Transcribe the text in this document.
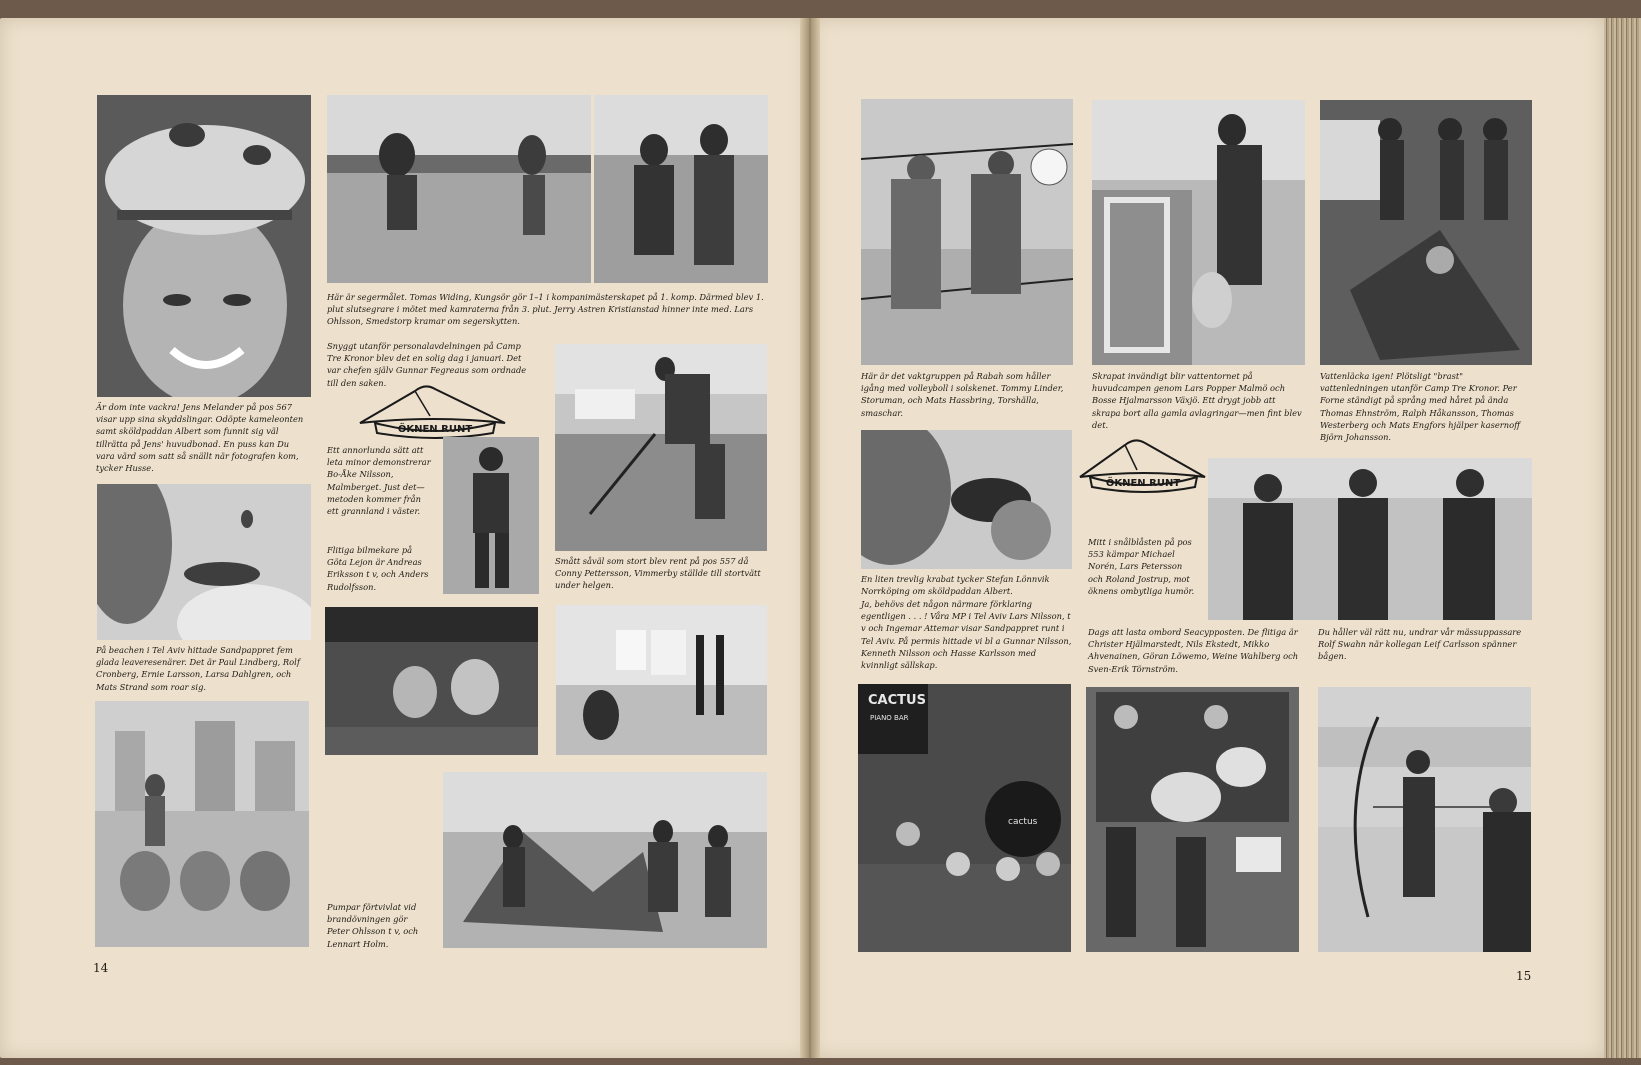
Är dom inte vackra! Jens Melander på pos 567 visar upp sina skyddslingar. Odöpte kameleonten samt sköldpaddan Albert som funnit sig väl tillrätta på Jens' huvudbonad. En puss kan Du vara värd som satt så snällt när fotografen kom, tycker Husse.

Här är segermålet. Tomas Widing, Kungsör gör 1–1 i kompanimästerskapet på 1. komp. Därmed blev 1. plut slutsegrare i mötet med kamraterna från 3. plut. Jerry Astren Kristianstad hinner inte med. Lars Ohlsson, Smedstorp kramar om segerskytten.

Snyggt utanför personalavdelningen på Camp Tre Kronor blev det en solig dag i januari. Det var chefen själv Gunnar Fegreaus som ordnade till den saken.

ÖKNEN RUNT

Ett annorlunda sätt att leta minor demonstrerar Bo-Åke Nilsson, Malmberget. Just det—metoden kommer från ett grannland i väster.

Flitiga bilmekare på Göta Lejon är Andreas Eriksson t v, och Anders Rudolfsson.

Smått såväl som stort blev rent på pos 557 då Conny Pettersson, Vimmerby ställde till stortvätt under helgen.

På beachen i Tel Aviv hittade Sandpappret fem glada leaveresenärer. Det är Paul Lindberg, Rolf Cronberg, Ernie Larsson, Larsa Dahlgren, och Mats Strand som roar sig.

Pumpar förtvivlat vid brandövningen gör Peter Ohlsson t v, och Lennart Holm.

14

Här är det vaktgruppen på Rabah som håller igång med volleyboll i solskenet. Tommy Linder, Storuman, och Mats Hassbring, Torshälla, smaschar.

Skrapat invändigt blir vattentornet på huvudcampen genom Lars Popper Malmö och Bosse Hjalmarsson Växjö. Ett drygt jobb att skrapa bort alla gamla avlagringar—men fint blev det.

Vattenläcka igen! Plötsligt "brast" vattenledningen utanför Camp Tre Kronor. Per Forne ständigt på språng med håret på ända Thomas Ehnström, Ralph Håkansson, Thomas Westerberg och Mats Engfors hjälper kasernoff Björn Johansson.

En liten trevlig krabat tycker Stefan Lönnvik Norrköping om sköldpaddan Albert.

Ja, behövs det någon närmare förklaring egentligen . . . ! Våra MP i Tel Aviv Lars Nilsson, t v och Ingemar Attemar visar Sandpappret runt i Tel Aviv. På permis hittade vi bl a Gunnar Nilsson, Kenneth Nilsson och Hasse Karlsson med kvinnligt sällskap.

ÖKNEN RUNT

Mitt i snålblåsten på pos 553 kämpar Michael Norén, Lars Petersson och Roland Jostrup, mot öknens ombytliga humör.

Dags att lasta ombord Seacypposten. De flitiga är Christer Hjälmarstedt, Nils Ekstedt, Mikko Ahvenainen, Göran Löwemo, Weine Wahlberg och Sven-Erik Törnström.

Du håller väl rätt nu, undrar vår mässuppassare Rolf Swahn när kollegan Leif Carlsson spänner bågen.

CACTUS
PIANO BAR
cactus
15
